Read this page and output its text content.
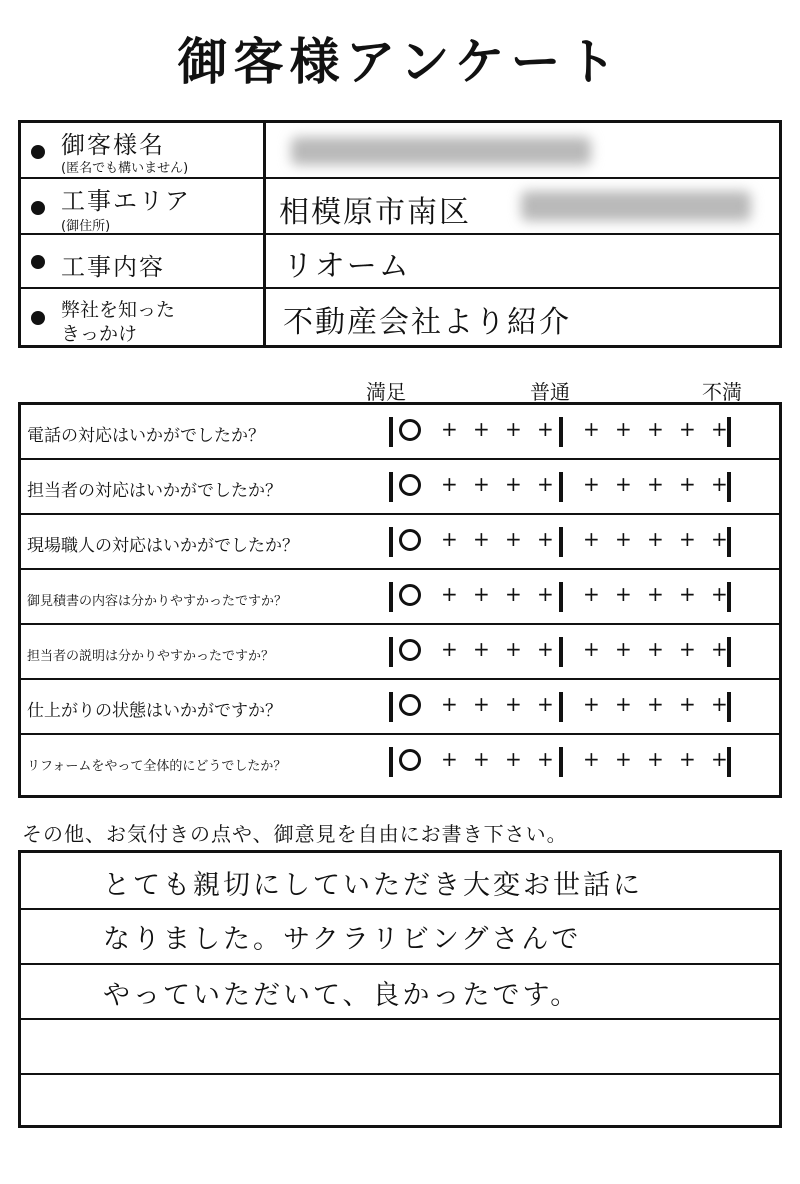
御客様アンケート
御客様名
(匿名でも構いません)
工事エリア
(御住所)	相模原市南区
工事内容	リオーム
弊社を知った
きっかけ	不動産会社より紹介
満足	普通	不満
電話の対応はいかがでしたか？	+ + + + + + + + +
担当者の対応はいかがでしたか？	+ + + + + + + + +
現場職人の対応はいかがでしたか？	+ + + + + + + + +
御見積書の内容は分かりやすかったですか？	+ + + + + + + + +
担当者の説明は分かりやすかったですか？	+ + + + + + + + +
仕上がりの状態はいかがですか？	+ + + + + + + + +
リフォームをやって全体的にどうでしたか？	+ + + + + + + + +
その他、お気付きの点や、御意見を自由にお書き下さい。
とても親切にしていただき大変お世話に
なりました。サクラリビングさんで
やっていただいて、良かったです。
